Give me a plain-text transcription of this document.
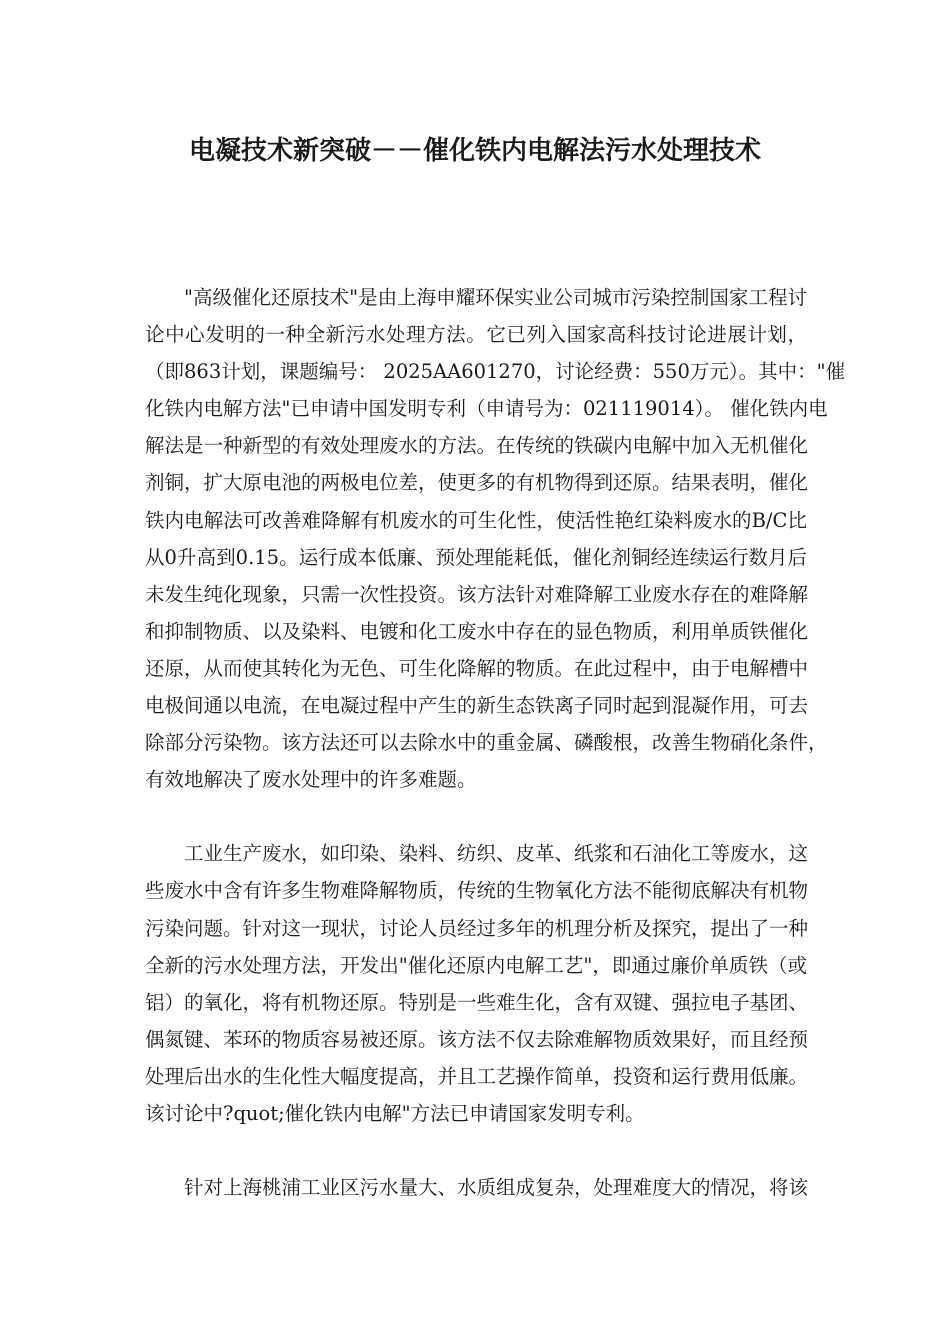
电凝技术新突破－－催化铁内电解法污水处理技术
"高级催化还原技术"是由上海申耀环保实业公司城市污染控制国家工程讨
论中心发明的一种全新污水处理方法。它已列入国家高科技讨论进展计划，
（即863计划，课题编号： 2025AA601270，讨论经费：550万元）。其中："催
化铁内电解方法"已申请中国发明专利（申请号为：021119014）。 催化铁内电
解法是一种新型的有效处理废水的方法。在传统的铁碳内电解中加入无机催化
剂铜，扩大原电池的两极电位差，使更多的有机物得到还原。结果表明，催化
铁内电解法可改善难降解有机废水的可生化性，使活性艳红染料废水的B/C比
从0升高到0.15。运行成本低廉、预处理能耗低，催化剂铜经连续运行数月后
未发生纯化现象，只需一次性投资。该方法针对难降解工业废水存在的难降解
和抑制物质、以及染料、电镀和化工废水中存在的显色物质，利用单质铁催化
还原，从而使其转化为无色、可生化降解的物质。在此过程中，由于电解槽中
电极间通以电流，在电凝过程中产生的新生态铁离子同时起到混凝作用，可去
除部分污染物。该方法还可以去除水中的重金属、磷酸根，改善生物硝化条件，
有效地解决了废水处理中的许多难题。
工业生产废水，如印染、染料、纺织、皮革、纸浆和石油化工等废水，这
些废水中含有许多生物难降解物质，传统的生物氧化方法不能彻底解决有机物
污染问题。针对这一现状，讨论人员经过多年的机理分析及探究，提出了一种
全新的污水处理方法，开发出"催化还原内电解工艺"，即通过廉价单质铁（或
铝）的氧化，将有机物还原。特别是一些难生化，含有双键、强拉电子基团、
偶氮键、苯环的物质容易被还原。该方法不仅去除难解物质效果好，而且经预
处理后出水的生化性大幅度提高，并且工艺操作简单，投资和运行费用低廉。
该讨论中?quot;催化铁内电解"方法已申请国家发明专利。
针对上海桃浦工业区污水量大、水质组成复杂，处理难度大的情况，将该
